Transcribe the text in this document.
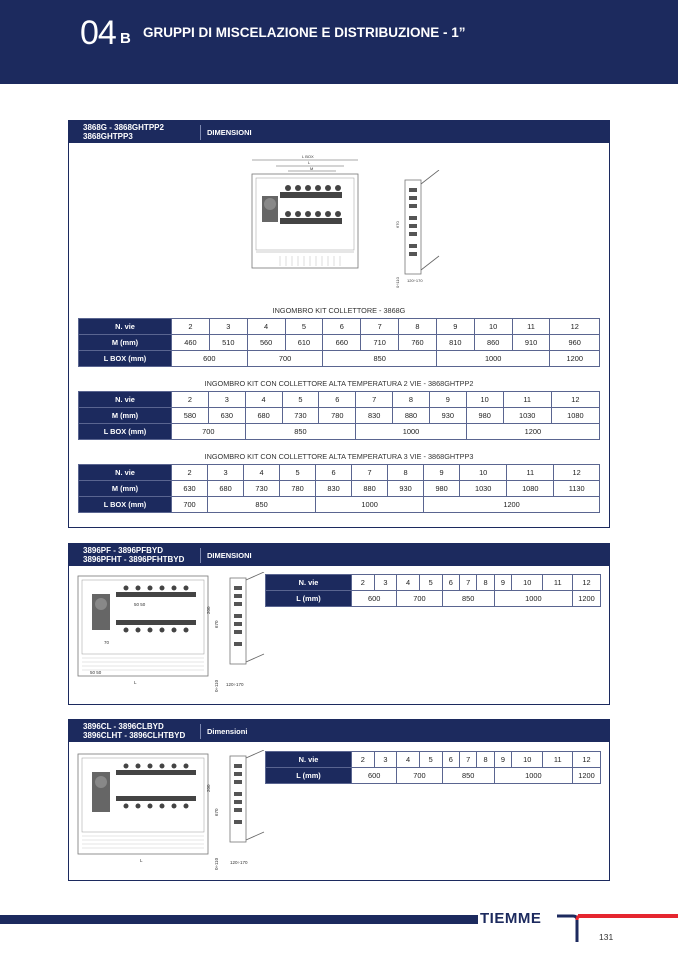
04 B GRUPPI DI MISCELAZIONE E DISTRIBUZIONE - 1”
3868G - 3868GHTPP2
3868GHTPP3	DIMENSIONI
L BOX
L
M
670
0÷110 120÷170
INGOMBRO KIT COLLETTORE - 3868G
N. vie	2	3	4	5	6	7	8	9	10	11	12
M (mm)	460	510	560	610	660	710	760	810	860	910	960
L BOX (mm)	600		700		850			1000			1200
INGOMBRO KIT CON COLLETTORE ALTA TEMPERATURA 2 VIE - 3868GHTPP2
N. vie	2	3	4	5	6	7	8	9	10	11	12
M (mm)	580	630	680	730	780	830	880	930	980	1030	1080
L BOX (mm)	700		850			1000			1200		
INGOMBRO KIT CON COLLETTORE ALTA TEMPERATURA 3 VIE - 3868GHTPP3
N. vie	2	3	4	5	6	7	8	9	10	11	12
M (mm)	630	680	730	780	830	880	930	980	1030	1080	1130
L BOX (mm)	700	850			1000			1200			
3896PF - 3896PFBYD
3896PFHT - 3896PFHTBYD	DIMENSIONI
50 50
70
50 50
L
200
670
0÷110 120÷170
N. vie	2	3	4	5	6	7	8	9	10	11	12
L (mm)	600		700		850			1000			1200
3896CL - 3896CLBYD
3896CLHT - 3896CLHTBYD	Dimensioni
L
200
670
0÷110 120÷170
N. vie	2	3	4	5	6	7	8	9	10	11	12
L (mm)	600		700		850			1000			1200
TIEMME
131
